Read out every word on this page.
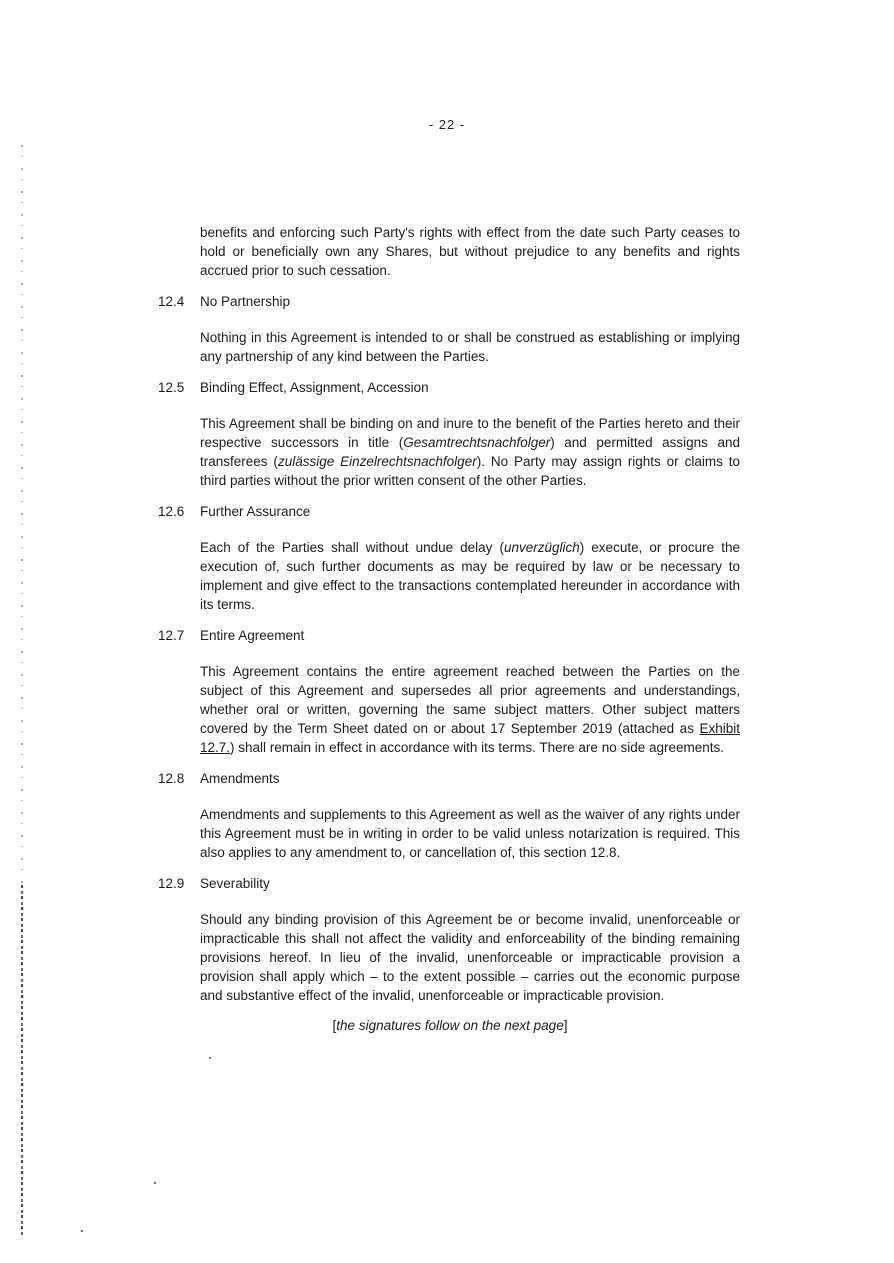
- 22 -

benefits and enforcing such Party's rights with effect from the date such Party ceases to hold or beneficially own any Shares, but without prejudice to any benefits and rights accrued prior to such cessation.

12.4 No Partnership

Nothing in this Agreement is intended to or shall be construed as establishing or implying any partnership of any kind between the Parties.

12.5 Binding Effect, Assignment, Accession

This Agreement shall be binding on and inure to the benefit of the Parties hereto and their respective successors in title (Gesamtrechtsnachfolger) and permitted assigns and transferees (zulässige Einzelrechtsnachfolger). No Party may assign rights or claims to third parties without the prior written consent of the other Parties.

12.6 Further Assurance

Each of the Parties shall without undue delay (unverzüglich) execute, or procure the execution of, such further documents as may be required by law or be necessary to implement and give effect to the transactions contemplated hereunder in accordance with its terms.

12.7 Entire Agreement

This Agreement contains the entire agreement reached between the Parties on the subject of this Agreement and supersedes all prior agreements and understandings, whether oral or written, governing the same subject matters. Other subject matters covered by the Term Sheet dated on or about 17 September 2019 (attached as Exhibit 12.7.) shall remain in effect in accordance with its terms. There are no side agreements.

12.8 Amendments

Amendments and supplements to this Agreement as well as the waiver of any rights under this Agreement must be in writing in order to be valid unless notarization is required. This also applies to any amendment to, or cancellation of, this section 12.8.

12.9 Severability

Should any binding provision of this Agreement be or become invalid, unenforceable or impracticable this shall not affect the validity and enforceability of the binding remaining provisions hereof. In lieu of the invalid, unenforceable or impracticable provision a provision shall apply which – to the extent possible – carries out the economic purpose and substantive effect of the invalid, unenforceable or impracticable provision.

[the signatures follow on the next page]
